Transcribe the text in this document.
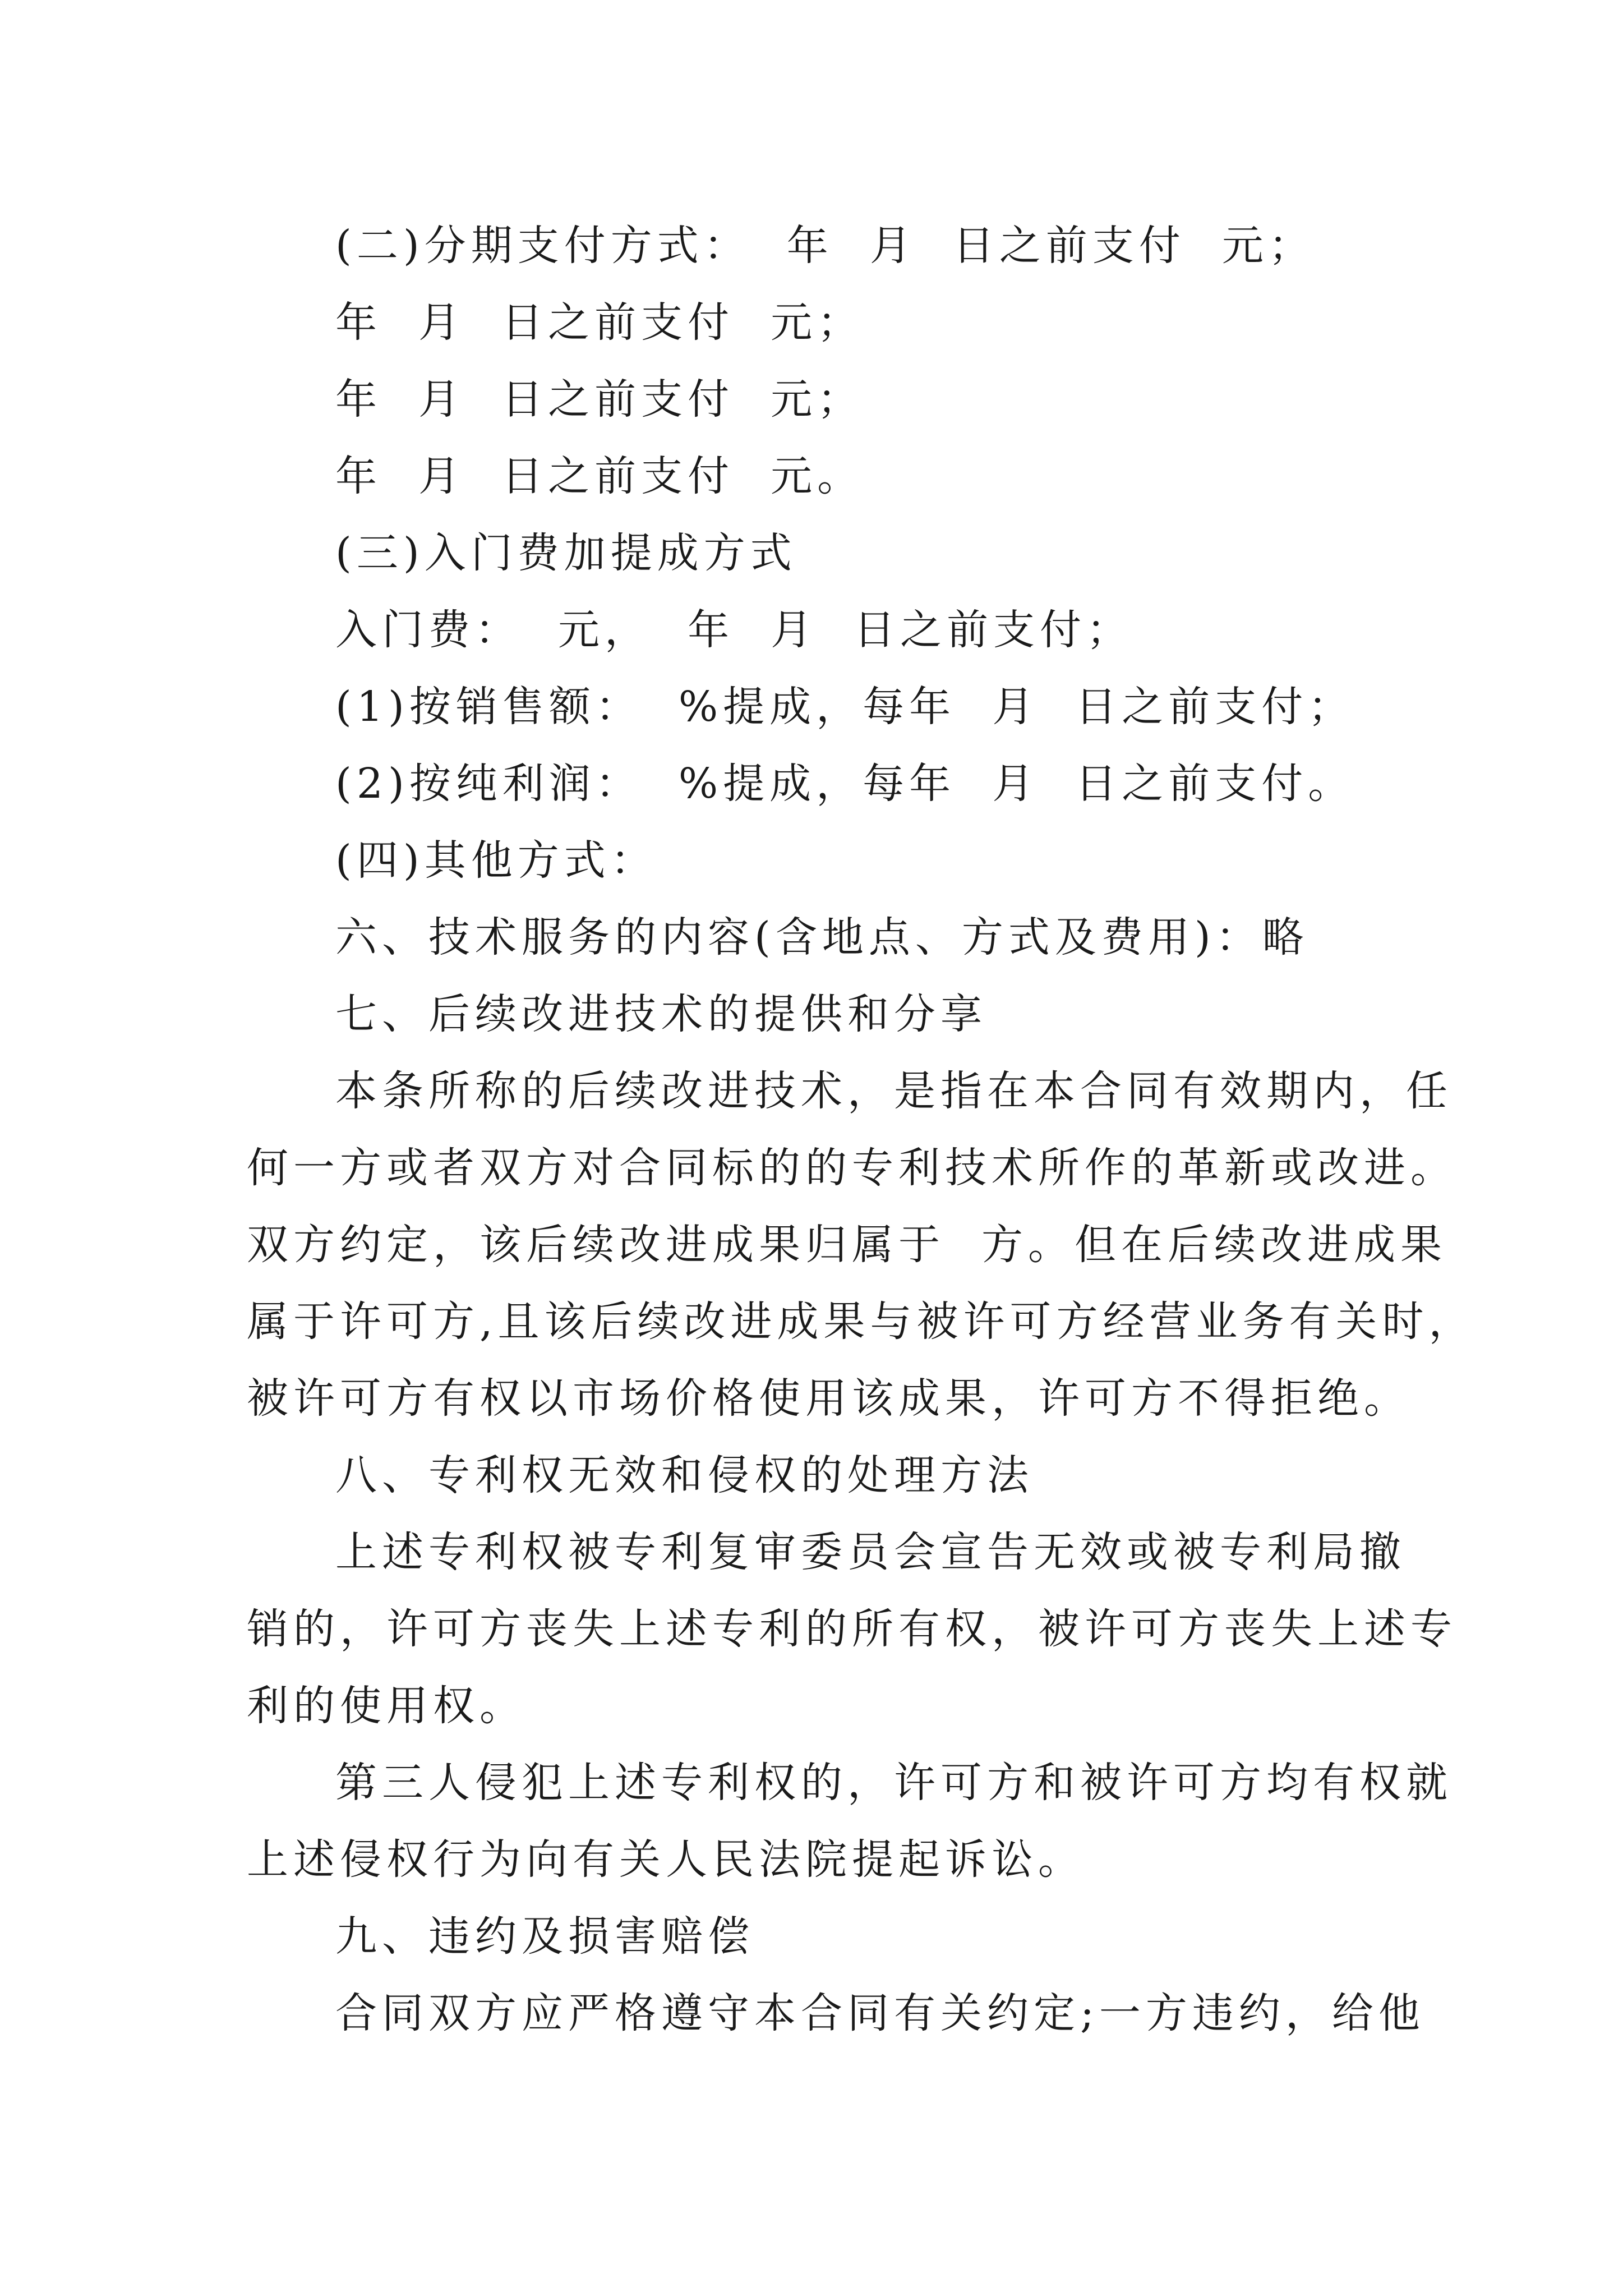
(二)分期支付方式：  年  月  日之前支付  元；
年  月  日之前支付  元；
年  月  日之前支付  元；
年  月  日之前支付  元。
(三)入门费加提成方式
入门费：  元，  年  月  日之前支付；
(1)按销售额：  %提成，每年  月  日之前支付；
(2)按纯利润：  %提成，每年  月  日之前支付。
(四)其他方式：
六、技术服务的内容(含地点、方式及费用)：略
七、后续改进技术的提供和分享
本条所称的后续改进技术，是指在本合同有效期内，任
何一方或者双方对合同标的的专利技术所作的革新或改进。
双方约定，该后续改进成果归属于  方。但在后续改进成果
属于许可方,且该后续改进成果与被许可方经营业务有关时，
被许可方有权以市场价格使用该成果，许可方不得拒绝。
八、专利权无效和侵权的处理方法
上述专利权被专利复审委员会宣告无效或被专利局撤
销的，许可方丧失上述专利的所有权，被许可方丧失上述专
利的使用权。
第三人侵犯上述专利权的，许可方和被许可方均有权就
上述侵权行为向有关人民法院提起诉讼。
九、违约及损害赔偿
合同双方应严格遵守本合同有关约定;一方违约，给他
